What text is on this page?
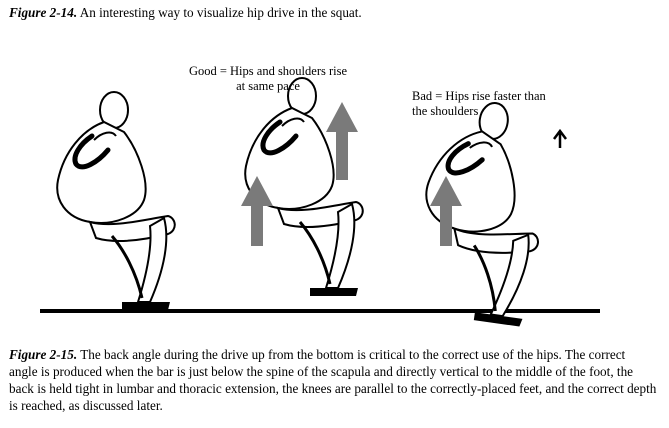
Figure 2-14. An interesting way to visualize hip drive in the squat.
Good = Hips and shoulders rise at same pace
Bad = Hips rise faster than the shoulders
Figure 2-15. The back angle during the drive up from the bottom is critical to the correct use of the hips. The correct angle is produced when the bar is just below the spine of the scapula and directly vertical to the middle of the foot, the back is held tight in lumbar and thoracic extension, the knees are parallel to the correctly-placed feet, and the correct depth is reached, as discussed later.
